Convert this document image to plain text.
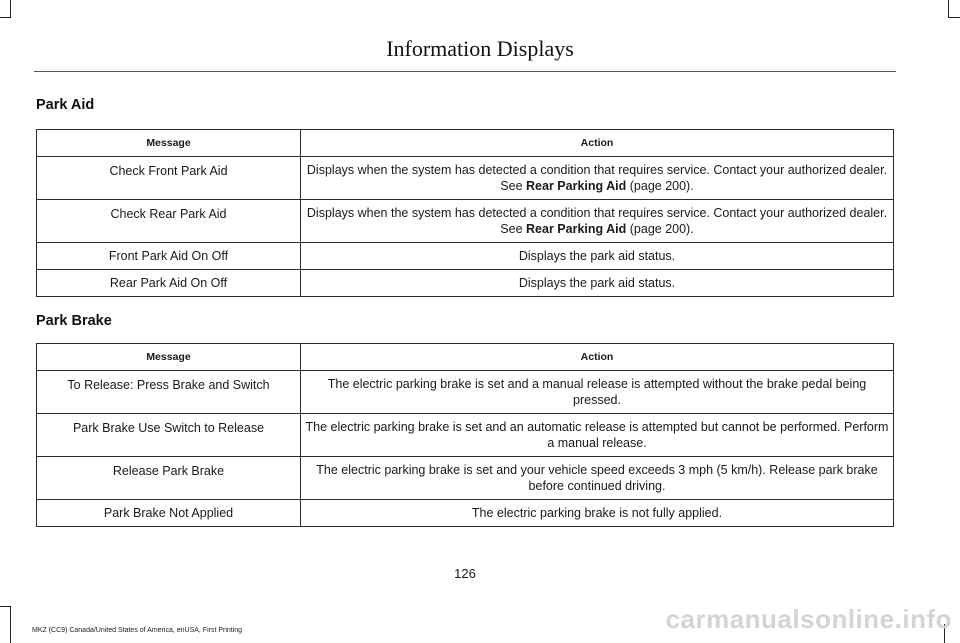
Information Displays
Park Aid
Message	Action
Check Front Park Aid	Displays when the system has detected a condition that requires service. Contact your authorized dealer. See Rear Parking Aid (page 200).
Check Rear Park Aid	Displays when the system has detected a condition that requires service. Contact your authorized dealer. See Rear Parking Aid (page 200).
Front Park Aid On Off	Displays the park aid status.
Rear Park Aid On Off	Displays the park aid status.
Park Brake
Message	Action
To Release: Press Brake and Switch	The electric parking brake is set and a manual release is attempted without the brake pedal being pressed.
Park Brake Use Switch to Release	The electric parking brake is set and an automatic release is attempted but cannot be performed. Perform a manual release.
Release Park Brake	The electric parking brake is set and your vehicle speed exceeds 3 mph (5 km/h). Release park brake before continued driving.
Park Brake Not Applied	The electric parking brake is not fully applied.
126
MKZ (CC9) Canada/United States of America, enUSA, First Printing	carmanualsonline.info
